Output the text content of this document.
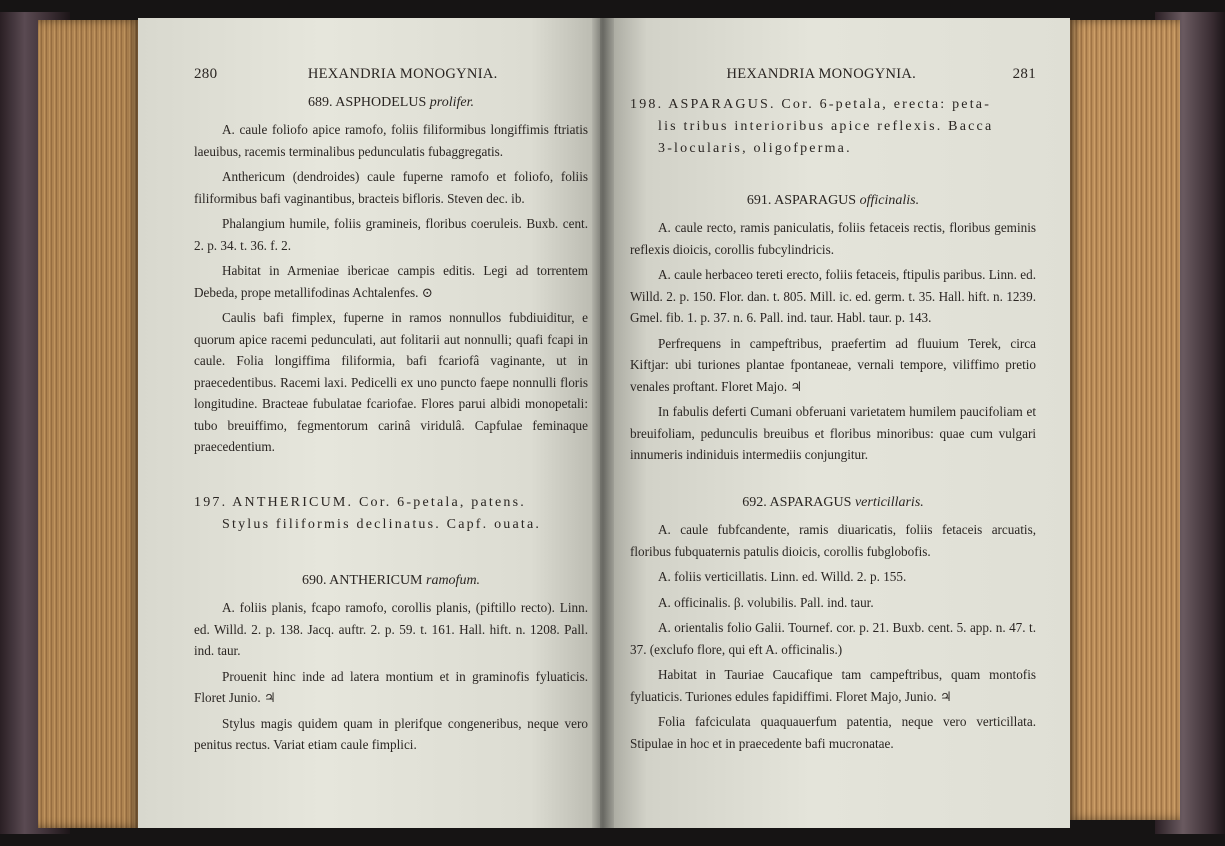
280	HEXANDRIA MONOGYNIA.
689. ASPHODELUS prolifer.

A. caule foliofo apice ramofo, foliis filiformibus longiffimis ftriatis laeuibus, racemis terminalibus pedunculatis fubaggregatis.

Anthericum (dendroides) caule fuperne ramofo et foliofo, foliis filiformibus bafi vaginantibus, bracteis bifloris. Steven dec. ib.

Phalangium humile, foliis gramineis, floribus coeruleis. Buxb. cent. 2. p. 34. t. 36. f. 2.

Habitat in Armeniae ibericae campis editis. Legi ad torrentem Debeda, prope metallifodinas Achtalenfes. ⊙

Caulis bafi fimplex, fuperne in ramos nonnullos fubdiuiditur, e quorum apice racemi pedunculati, aut folitarii aut nonnulli; quafi fcapi in caule. Folia longiffima filiformia, bafi fcariofâ vaginante, ut in praecedentibus. Racemi laxi. Pedicelli ex uno puncto faepe nonnulli floris longitudine. Bracteae fubulatae fcariofae. Flores parui albidi monopetali: tubo breuiffimo, fegmentorum carinâ viridulâ. Capfulae feminaque praecedentium.

197. ANTHERICUM. Cor. 6-petala, patens.
Stylus filiformis declinatus. Capf. ouata.
690. ANTHERICUM ramofum.

A. foliis planis, fcapo ramofo, corollis planis, (piftillo recto). Linn. ed. Willd. 2. p. 138. Jacq. auftr. 2. p. 59. t. 161. Hall. hift. n. 1208. Pall. ind. taur.

Prouenit hinc inde ad latera montium et in graminofis fyluaticis. Floret Junio. ♃

Stylus magis quidem quam in plerifque congeneribus, neque vero penitus rectus. Variat etiam caule fimplici.

HEXANDRIA MONOGYNIA.	281
198. ASPARAGUS. Cor. 6-petala, erecta: peta-
lis tribus interioribus apice reflexis. Bacca
3-locularis, oligofperma.
691. ASPARAGUS officinalis.

A. caule recto, ramis paniculatis, foliis fetaceis rectis, floribus geminis reflexis dioicis, corollis fubcylindricis.

A. caule herbaceo tereti erecto, foliis fetaceis, ftipulis paribus. Linn. ed. Willd. 2. p. 150. Flor. dan. t. 805. Mill. ic. ed. germ. t. 35. Hall. hift. n. 1239. Gmel. fib. 1. p. 37. n. 6. Pall. ind. taur. Habl. taur. p. 143.

Perfrequens in campeftribus, praefertim ad fluuium Terek, circa Kiftjar: ubi turiones plantae fpontaneae, vernali tempore, viliffimo pretio venales proftant. Floret Majo. ♃

In fabulis deferti Cumani obferuani varietatem humilem paucifoliam et breuifoliam, pedunculis breuibus et floribus minoribus: quae cum vulgari innumeris indiniduis intermediis conjungitur.

692. ASPARAGUS verticillaris.

A. caule fubfcandente, ramis diuaricatis, foliis fetaceis arcuatis, floribus fubquaternis patulis dioicis, corollis fubglobofis.

A. foliis verticillatis. Linn. ed. Willd. 2. p. 155.

A. officinalis. β. volubilis. Pall. ind. taur.

A. orientalis folio Galii. Tournef. cor. p. 21. Buxb. cent. 5. app. n. 47. t. 37. (exclufo flore, qui eft A. officinalis.)

Habitat in Tauriae Caucafique tam campeftribus, quam montofis fyluaticis. Turiones edules fapidiffimi. Floret Majo, Junio. ♃

Folia fafciculata quaquauerfum patentia, neque vero verticillata. Stipulae in hoc et in praecedente bafi mucronatae.
